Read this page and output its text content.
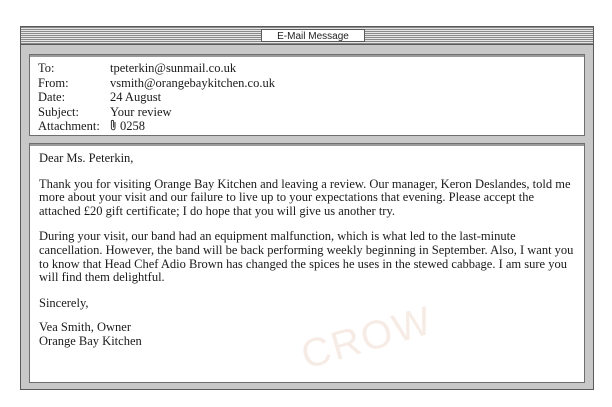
E-Mail Message
To:	tpeterkin@sunmail.co.uk
From:	vsmith@orangebaykitchen.co.uk
Date:	24 August
Subject:	Your review
Attachment:	0258

Dear Ms. Peterkin,

Thank you for visiting Orange Bay Kitchen and leaving a review. Our manager, Keron Deslandes, told me more about your visit and our failure to live up to your expectations that evening. Please accept the attached £20 gift certificate; I do hope that you will give us another try.

During your visit, our band had an equipment malfunction, which is what led to the last-minute cancellation. However, the band will be back performing weekly beginning in September. Also, I want you to know that Head Chef Adio Brown has changed the spices he uses in the stewed cabbage. I am sure you will find them delightful.

Sincerely,

Vea Smith, Owner

Orange Bay Kitchen	CROW
